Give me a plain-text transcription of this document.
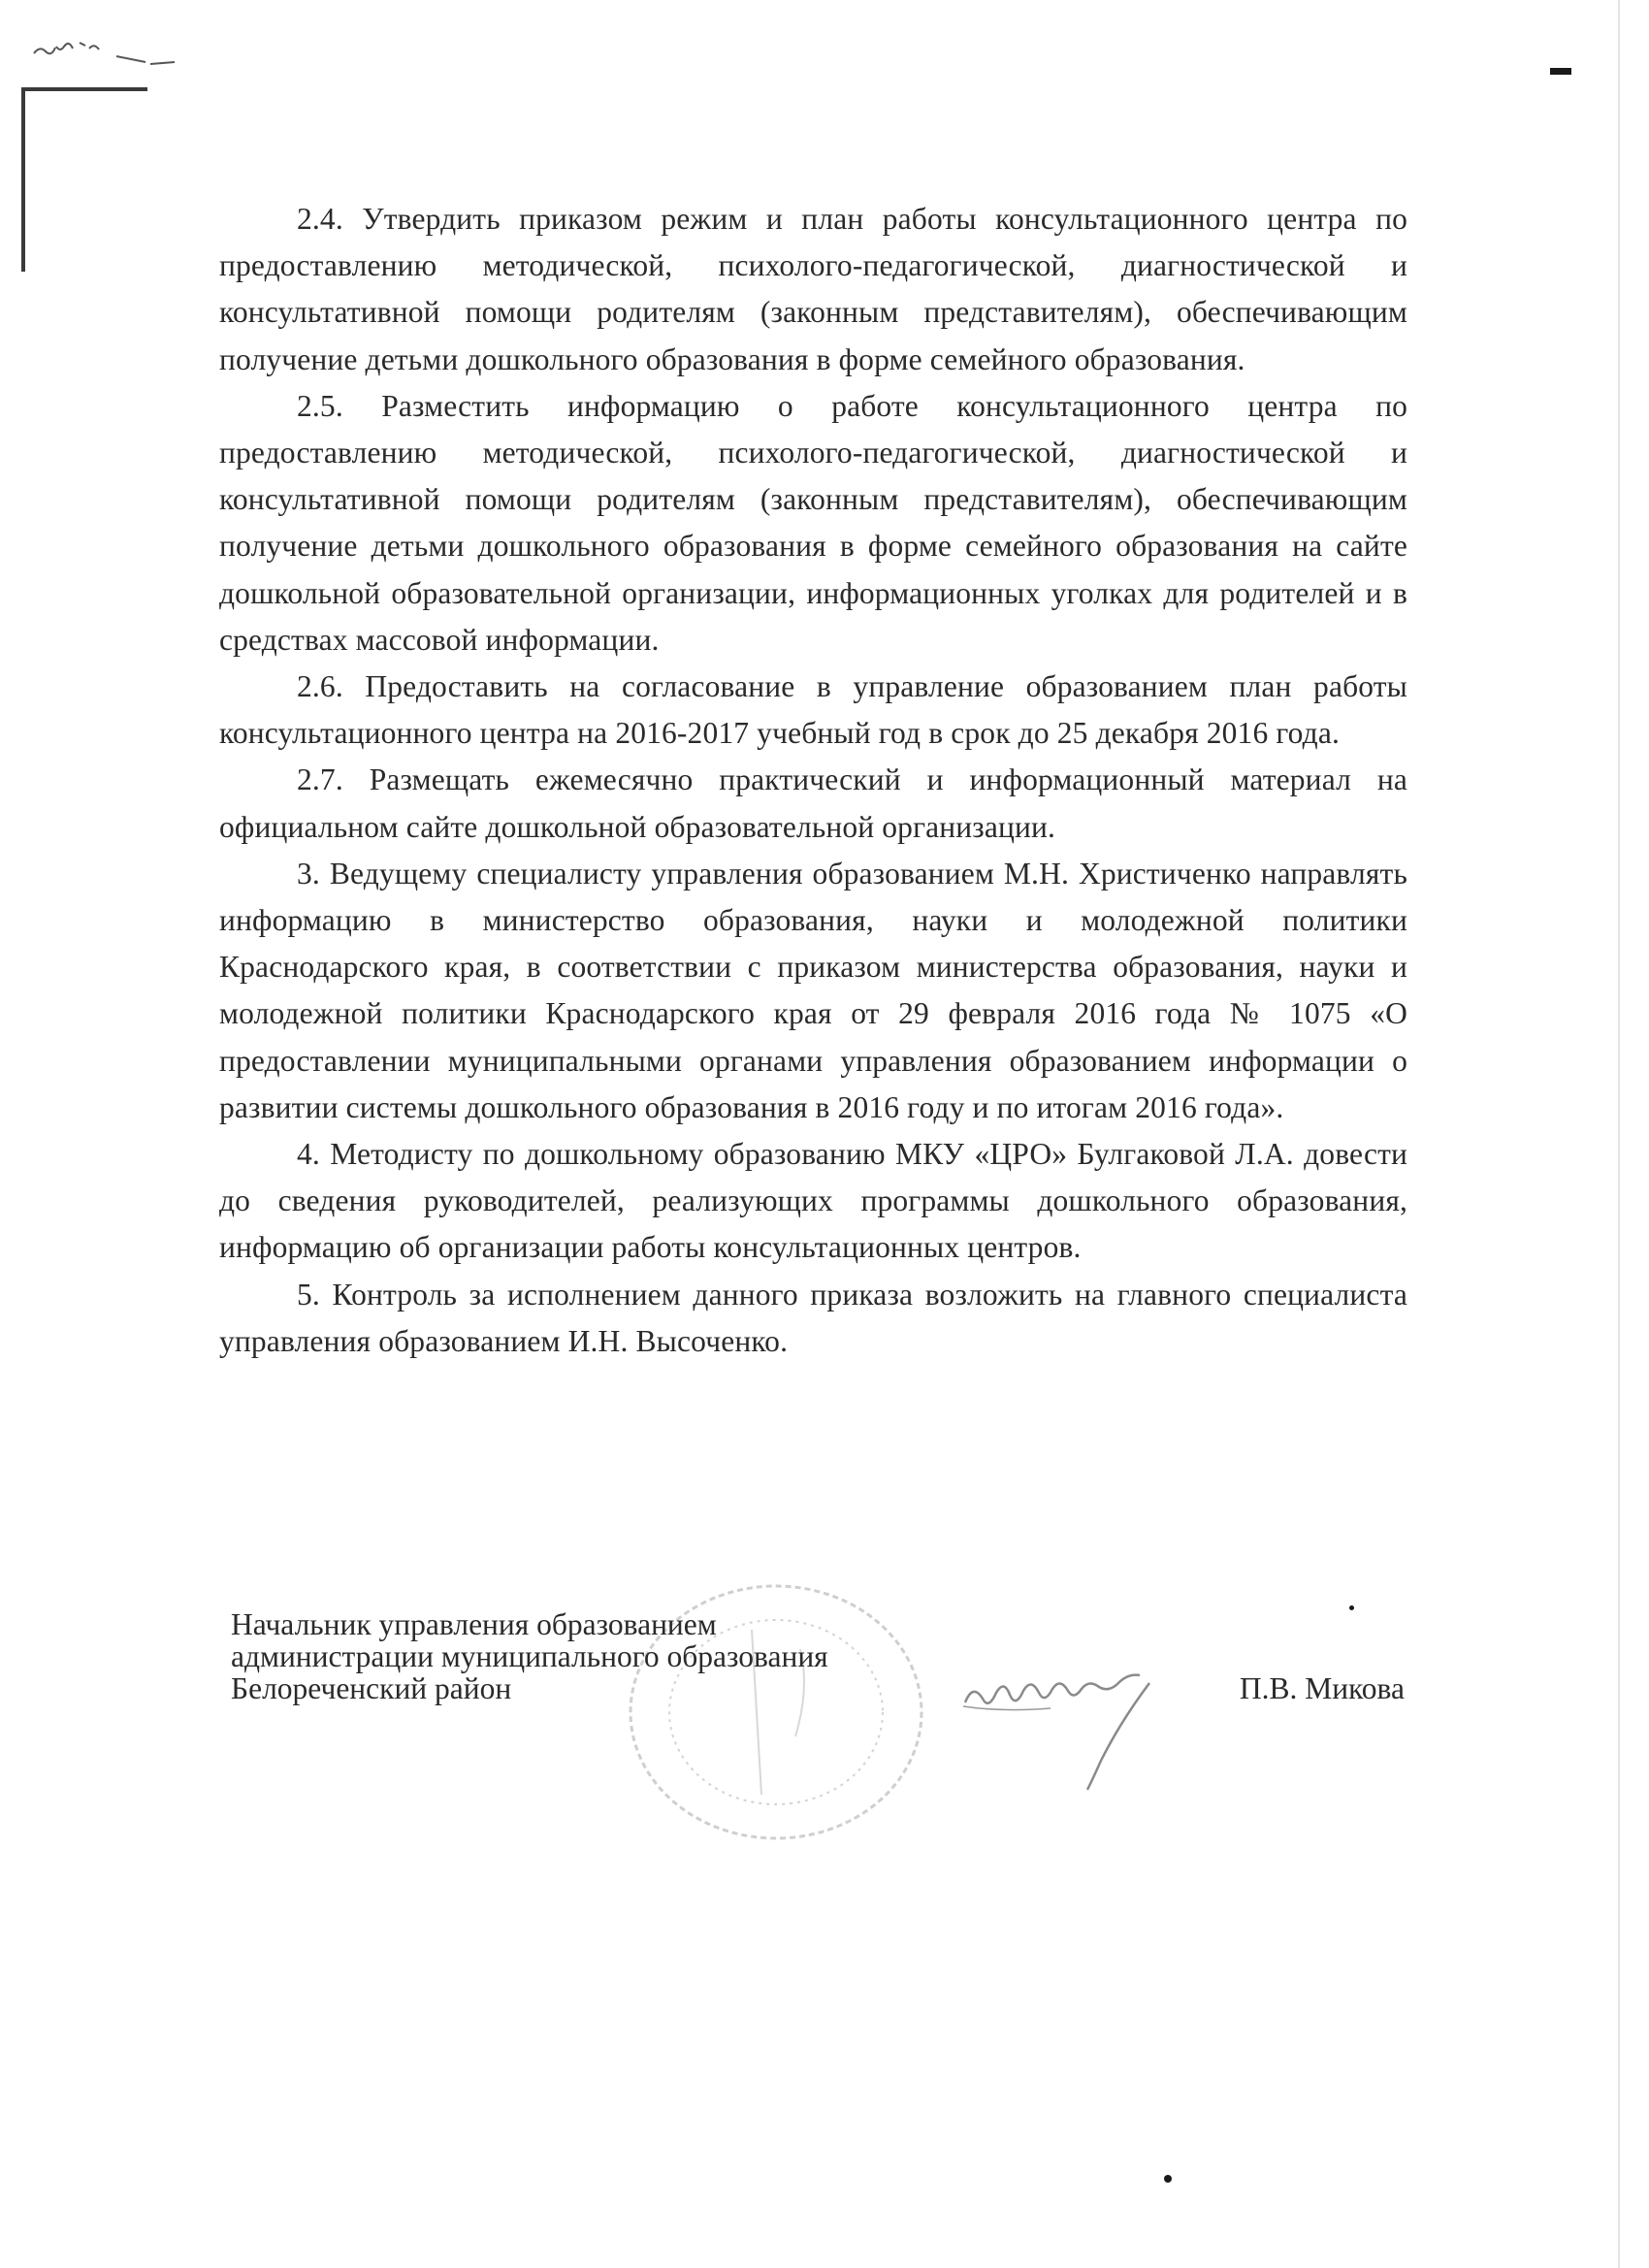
2.4. Утвердить приказом режим и план работы консультационного центра по предоставлению методической, психолого-педагогической, диагностической и консультативной помощи родителям (законным представителям), обеспечивающим получение детьми дошкольного образования в форме семейного образования.

2.5. Разместить информацию о работе консультационного центра по предоставлению методической, психолого-педагогической, диагностической и консультативной помощи родителям (законным представителям), обеспечивающим получение детьми дошкольного образования в форме семейного образования на сайте дошкольной образовательной организации, информационных уголках для родителей и в средствах массовой информации.

2.6. Предоставить на согласование в управление образованием план работы консультационного центра на 2016-2017 учебный год в срок до 25 декабря 2016 года.

2.7. Размещать ежемесячно практический и информационный материал на официальном сайте дошкольной образовательной организации.

3. Ведущему специалисту управления образованием М.Н. Христиченко направлять информацию в министерство образования, науки и молодежной политики Краснодарского края, в соответствии с приказом министерства образования, науки и молодежной политики Краснодарского края от 29 февраля 2016 года № 1075 «О предоставлении муниципальными органами управления образованием информации о развитии системы дошкольного образования в 2016 году и по итогам 2016 года».

4. Методисту по дошкольному образованию МКУ «ЦРО» Булгаковой Л.А. довести до сведения руководителей, реализующих программы дошкольного образования, информацию об организации работы консультационных центров.

5. Контроль за исполнением данного приказа возложить на главного специалиста управления образованием И.Н. Высоченко.

Начальник управления образованием
администрации муниципального образования
Белореченский район	П.В. Микова
